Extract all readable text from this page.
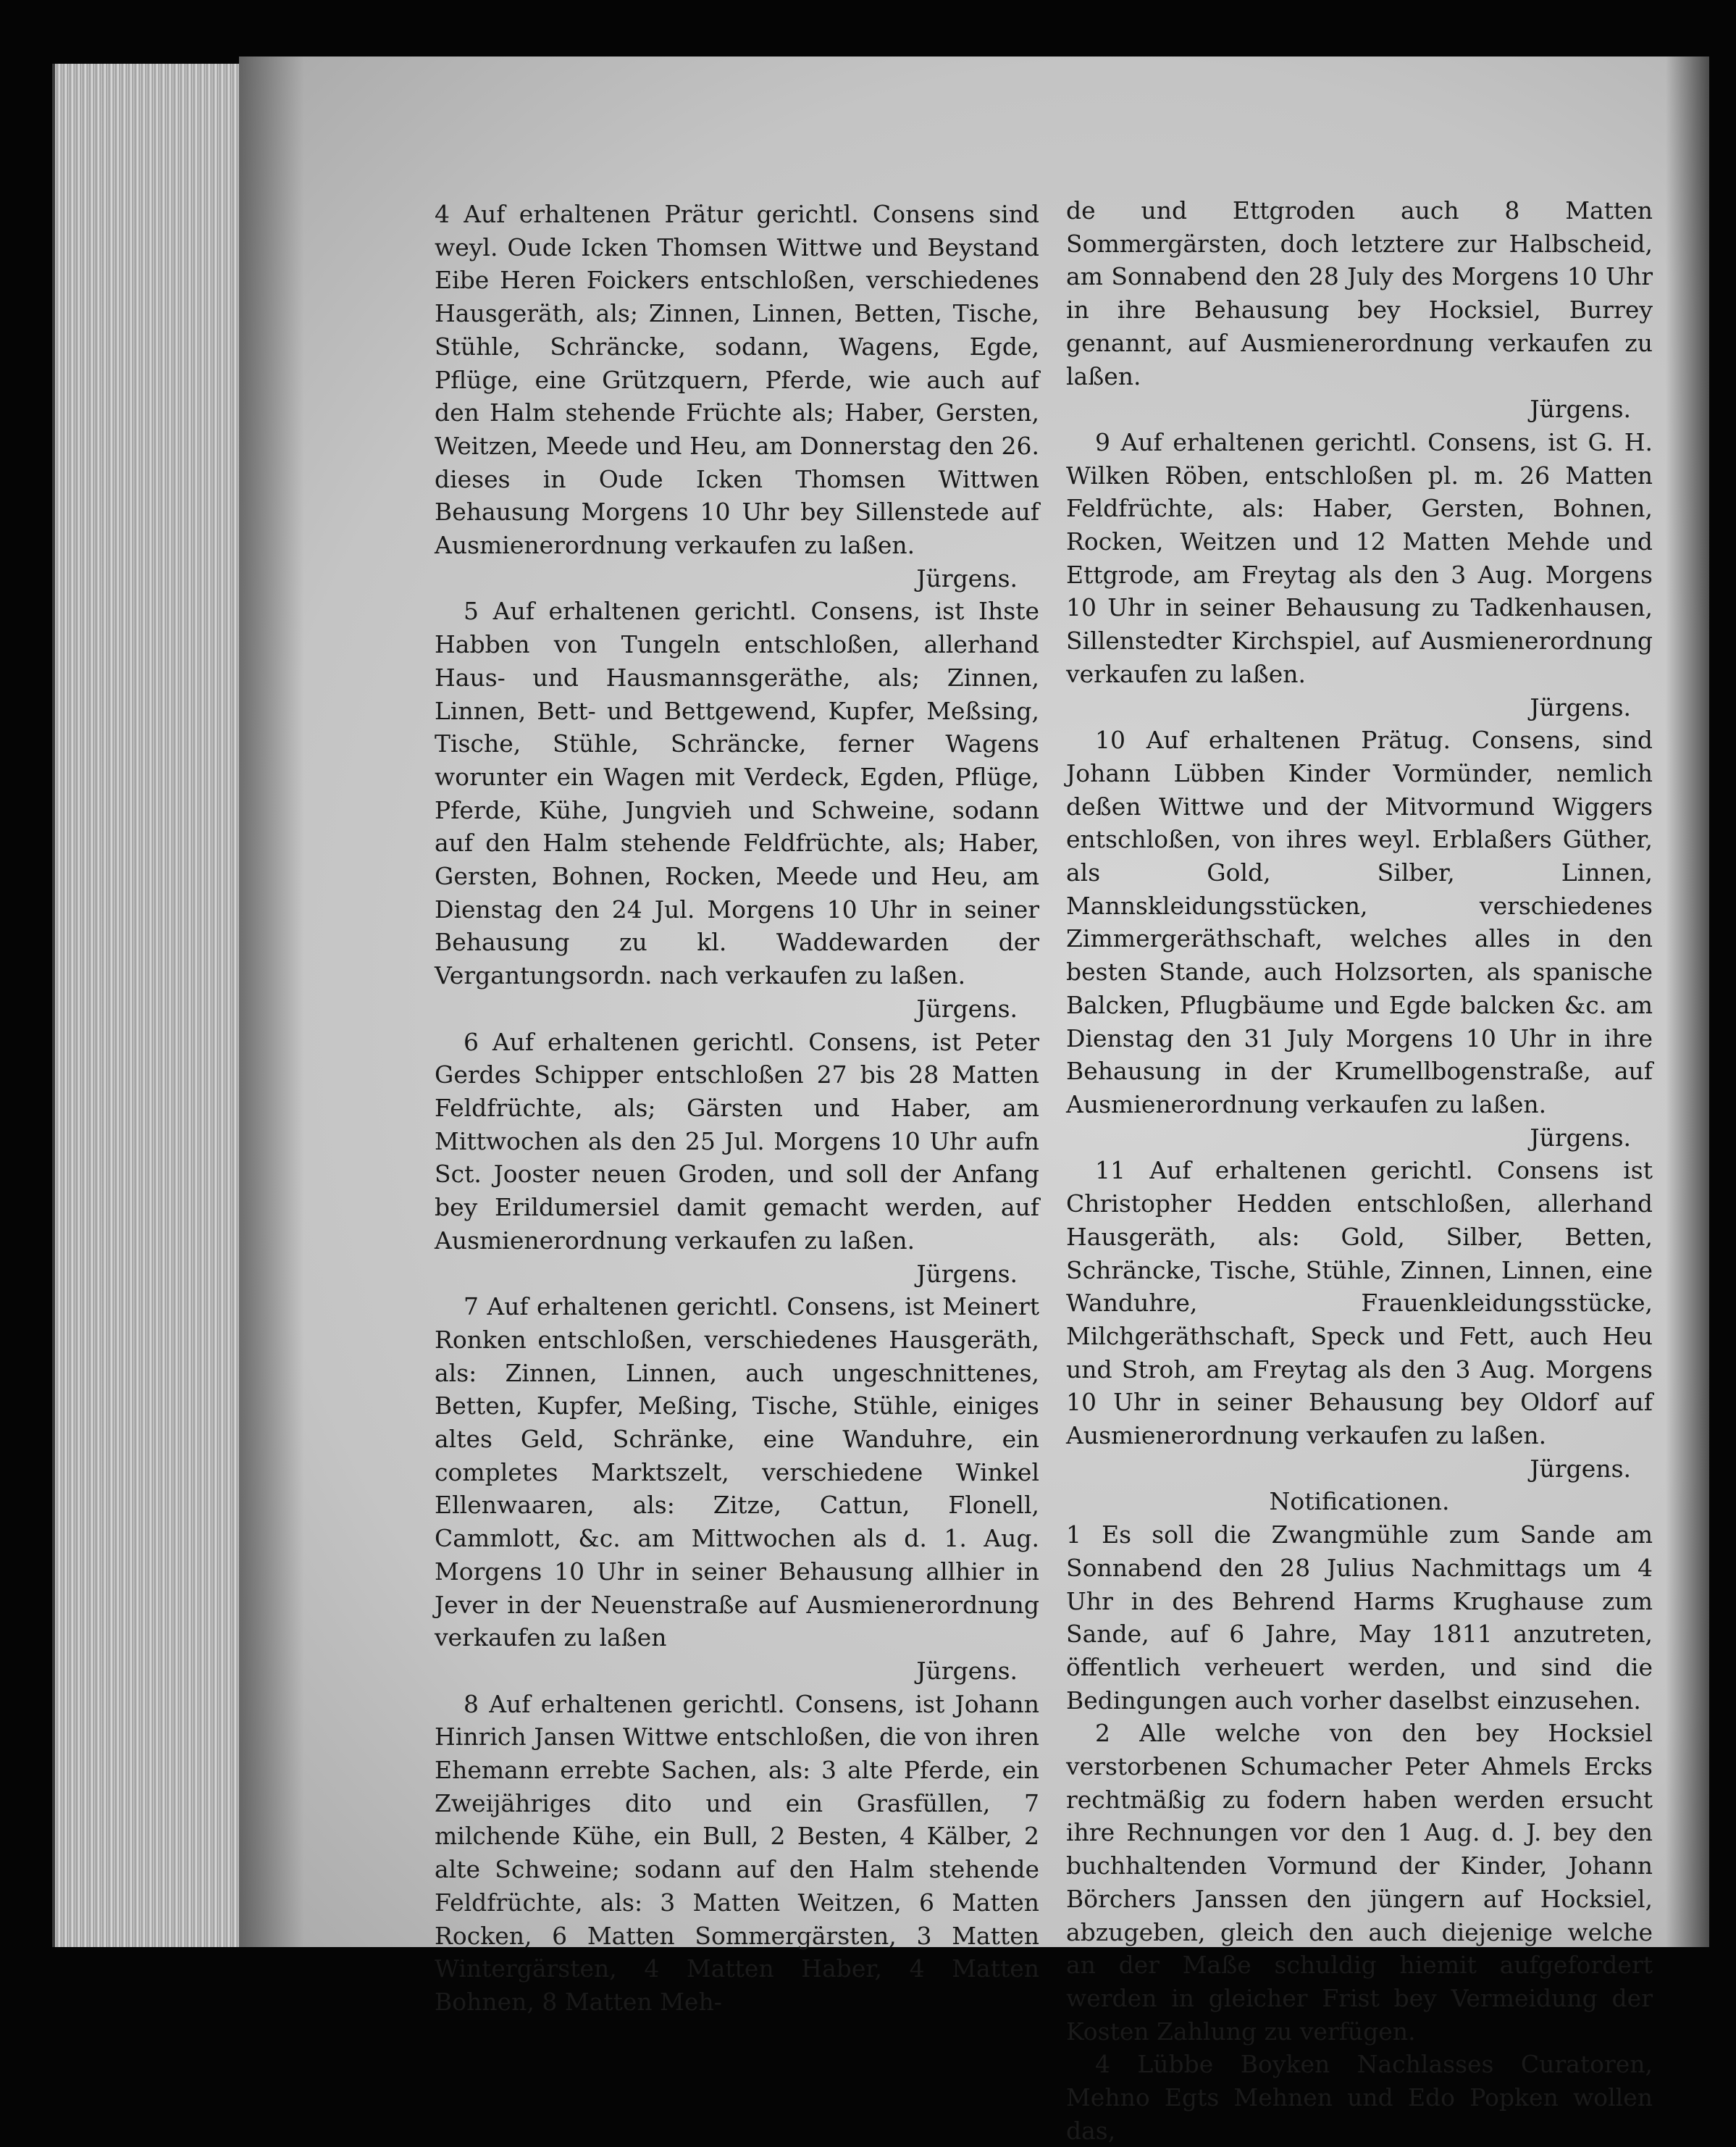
4 Auf erhaltenen Prätur gerichtl. Consens sind weyl. Oude Icken Thomsen Wittwe und Beystand Eibe Heren Foickers entschloßen, verschiedenes Hausgeräth, als; Zinnen, Linnen, Betten, Tische, Stühle, Schräncke, sodann, Wagens, Egde, Pflüge, eine Grützquern, Pferde, wie auch auf den Halm stehende Früchte als; Haber, Gersten, Weitzen, Meede und Heu, am Donnerstag den 26. dieses in Oude Icken Thomsen Wittwen Behausung Morgens 10 Uhr bey Sillenstede auf Ausmienerordnung verkaufen zu laßen.
Jürgens.

5 Auf erhaltenen gerichtl. Consens, ist Ihste Habben von Tungeln entschloßen, allerhand Haus- und Hausmannsgeräthe, als; Zinnen, Linnen, Bett- und Bettgewend, Kupfer, Meßsing, Tische, Stühle, Schräncke, ferner Wagens worunter ein Wagen mit Verdeck, Egden, Pflüge, Pferde, Kühe, Jungvieh und Schweine, sodann auf den Halm stehende Feldfrüchte, als; Haber, Gersten, Bohnen, Rocken, Meede und Heu, am Dienstag den 24 Jul. Morgens 10 Uhr in seiner Behausung zu kl. Waddewarden der Vergantungsordn. nach verkaufen zu laßen.
Jürgens.

6 Auf erhaltenen gerichtl. Consens, ist Peter Gerdes Schipper entschloßen 27 bis 28 Matten Feldfrüchte, als; Gärsten und Haber, am Mittwochen als den 25 Jul. Morgens 10 Uhr aufn Sct. Jooster neuen Groden, und soll der Anfang bey Erildumersiel damit gemacht werden, auf Ausmienerordnung verkaufen zu laßen.
Jürgens.

7 Auf erhaltenen gerichtl. Consens, ist Meinert Ronken entschloßen, verschiedenes Hausgeräth, als: Zinnen, Linnen, auch ungeschnittenes, Betten, Kupfer, Meßing, Tische, Stühle, einiges altes Geld, Schränke, eine Wanduhre, ein completes Marktszelt, verschiedene Winkel Ellenwaaren, als: Zitze, Cattun, Flonell, Cammlott, &c. am Mittwochen als d. 1. Aug. Morgens 10 Uhr in seiner Behausung allhier in Jever in der Neuenstraße auf Ausmienerordnung verkaufen zu laßen
Jürgens.

8 Auf erhaltenen gerichtl. Consens, ist Johann Hinrich Jansen Wittwe entschloßen, die von ihren Ehemann errebte Sachen, als: 3 alte Pferde, ein Zweijähriges dito und ein Grasfüllen, 7 milchende Kühe, ein Bull, 2 Besten, 4 Kälber, 2 alte Schweine; sodann auf den Halm stehende Feldfrüchte, als: 3 Matten Weitzen, 6 Matten Rocken, 6 Matten Sommergärsten, 3 Matten Wintergärsten, 4 Matten Haber, 4 Matten Bohnen, 8 Matten Meh-

de und Ettgroden auch 8 Matten Sommergärsten, doch letztere zur Halbscheid, am Sonnabend den 28 July des Morgens 10 Uhr in ihre Behausung bey Hocksiel, Burrey genannt, auf Ausmienerordnung verkaufen zu laßen.
Jürgens.

9 Auf erhaltenen gerichtl. Consens, ist G. H. Wilken Röben, entschloßen pl. m. 26 Matten Feldfrüchte, als: Haber, Gersten, Bohnen, Rocken, Weitzen und 12 Matten Mehde und Ettgrode, am Freytag als den 3 Aug. Morgens 10 Uhr in seiner Behausung zu Tadkenhausen, Sillenstedter Kirchspiel, auf Ausmienerordnung verkaufen zu laßen.
Jürgens.

10 Auf erhaltenen Prätug. Consens, sind Johann Lübben Kinder Vormünder, nemlich deßen Wittwe und der Mitvormund Wiggers entschloßen, von ihres weyl. Erblaßers Güther, als Gold, Silber, Linnen, Mannskleidungsstücken, verschiedenes Zimmergeräthschaft, welches alles in den besten Stande, auch Holzsorten, als spanische Balcken, Pflugbäume und Egde balcken &c. am Dienstag den 31 July Morgens 10 Uhr in ihre Behausung in der Krumellbogenstraße, auf Ausmienerordnung verkaufen zu laßen.
Jürgens.

11 Auf erhaltenen gerichtl. Consens ist Christopher Hedden entschloßen, allerhand Hausgeräth, als: Gold, Silber, Betten, Schräncke, Tische, Stühle, Zinnen, Linnen, eine Wanduhre, Frauenkleidungsstücke, Milchgeräthschaft, Speck und Fett, auch Heu und Stroh, am Freytag als den 3 Aug. Morgens 10 Uhr in seiner Behausung bey Oldorf auf Ausmienerordnung verkaufen zu laßen.
Jürgens.

Notificationen.

1 Es soll die Zwangmühle zum Sande am Sonnabend den 28 Julius Nachmittags um 4 Uhr in des Behrend Harms Krughause zum Sande, auf 6 Jahre, May 1811 anzutreten, öffentlich verheuert werden, und sind die Bedingungen auch vorher daselbst einzusehen.

2 Alle welche von den bey Hocksiel verstorbenen Schumacher Peter Ahmels Ercks rechtmäßig zu fodern haben werden ersucht ihre Rechnungen vor den 1 Aug. d. J. bey den buchhaltenden Vormund der Kinder, Johann Börchers Janssen den jüngern auf Hocksiel, abzugeben, gleich den auch diejenige welche an der Maße schuldig hiemit aufgefordert werden in gleicher Frist bey Vermeidung der Kosten Zahlung zu verfügen.

4 Lübbe Boyken Nachlasses Curatoren, Mehno Egts Mehnen und Edo Popken wollen das,
